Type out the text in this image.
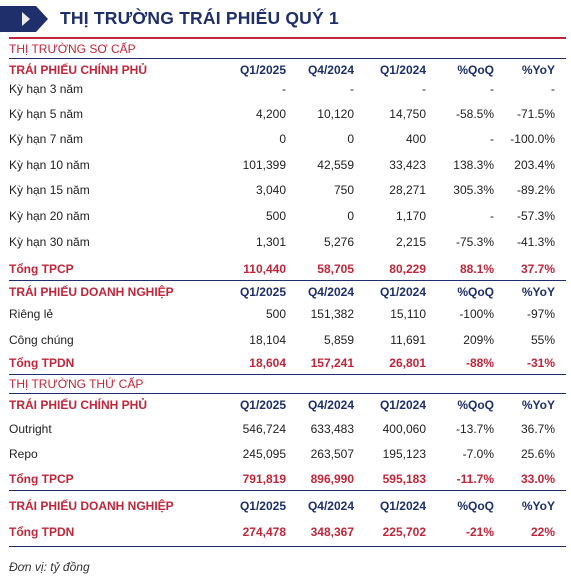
THỊ TRƯỜNG TRÁI PHIẾU QUÝ 1
THỊ TRƯỜNG SƠ CẤP
TRÁI PHIẾU CHÍNH PHỦ	Q1/2025 Q4/2024 Q1/2024	%QoQ %YoY
Kỳ hạn 3 năm	-	-	-	-	-
Kỳ hạn 5 năm	4,200	10,120	14,750 -58.5% -71.5%
Kỳ hạn 7 năm	0	0	400	- -100.0%
Kỳ hạn 10 năm	101,399	42,559	33,423 138.3% 203.4%
Kỳ hạn 15 năm	3,040	750	28,271 305.3% -89.2%
Kỳ hạn 20 năm	500	0	1,170	- -57.3%
Kỳ hạn 30 năm	1,301	5,276	2,215 -75.3% -41.3%
Tổng TPCP	110,440	58,705	80,229	88.1% 37.7%
TRÁI PHIẾU DOANH NGHIỆP	Q1/2025 Q4/2024 Q1/2024	%QoQ %YoY
Riêng lẻ	500 151,382	15,110	-100%	-97%
Công chúng	18,104	5,859	11,691	209%	55%
Tổng TPDN	18,604 157,241	26,801	-88%	-31%
THỊ TRƯỜNG THỨ CẤP
TRÁI PHIẾU CHÍNH PHỦ	Q1/2025 Q4/2024 Q1/2024	%QoQ %YoY
Outright	546,724 633,483 400,060 -13.7% 36.7%
Repo	245,095 263,507 195,123	-7.0% 25.6%
Tổng TPCP	791,819 896,990 595,183	-11.7% 33.0%
TRÁI PHIẾU DOANH NGHIỆP	Q1/2025 Q4/2024 Q1/2024	%QoQ %YoY
Tổng TPDN	274,478 348,367 225,702	-21%	22%
Đơn vị: tỷ đồng
